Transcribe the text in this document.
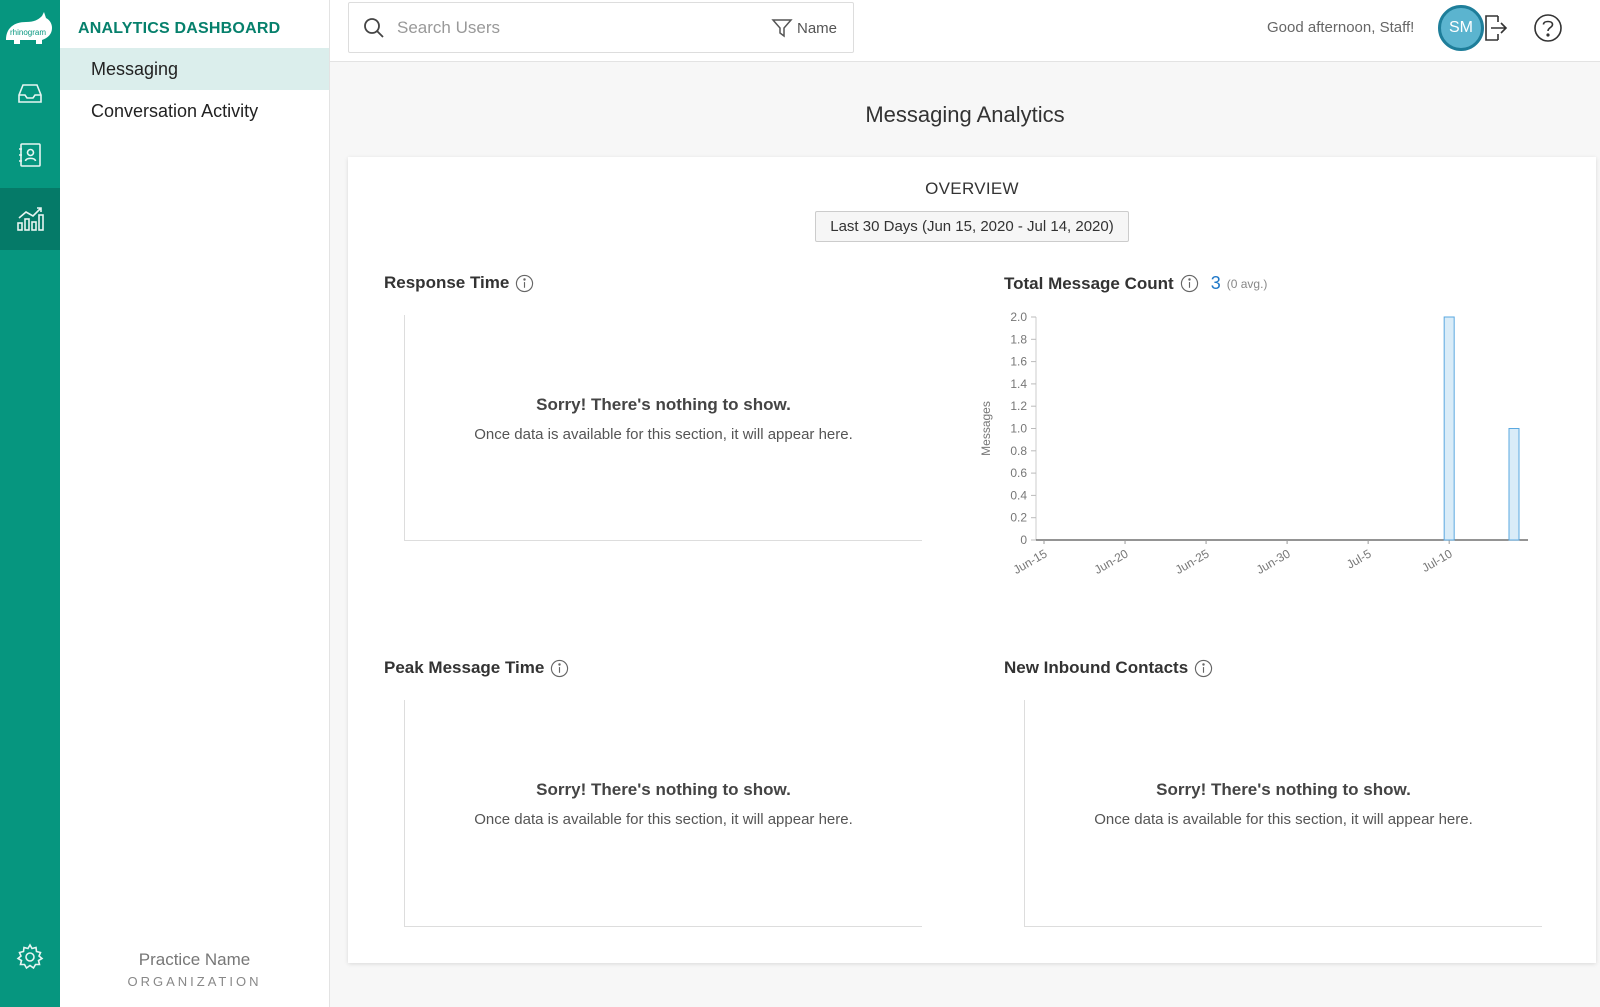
rhinogram ANALYTICS DASHBOARD
Messaging
Conversation Activity
Practice Name
ORGANIZATION
Search Users
Name	Good afternoon, Staff!	SM
Messaging Analytics
OVERVIEW
Last 30 Days (Jun 15, 2020 - Jul 14, 2020)
Response Time
Sorry! There's nothing to show.
Once data is available for this section, it will appear here.
Total Message Count 3 (0 avg.)
0
0.2
0.4
0.6
0.8
1.0
1.2
1.4
1.6
1.8
2.0
Messages
Jun-15	Jun-20	Jun-25	Jun-30	Jul-5	Jul-10
Peak Message Time
Sorry! There's nothing to show.
Once data is available for this section, it will appear here.
New Inbound Contacts
Sorry! There's nothing to show.
Once data is available for this section, it will appear here.
